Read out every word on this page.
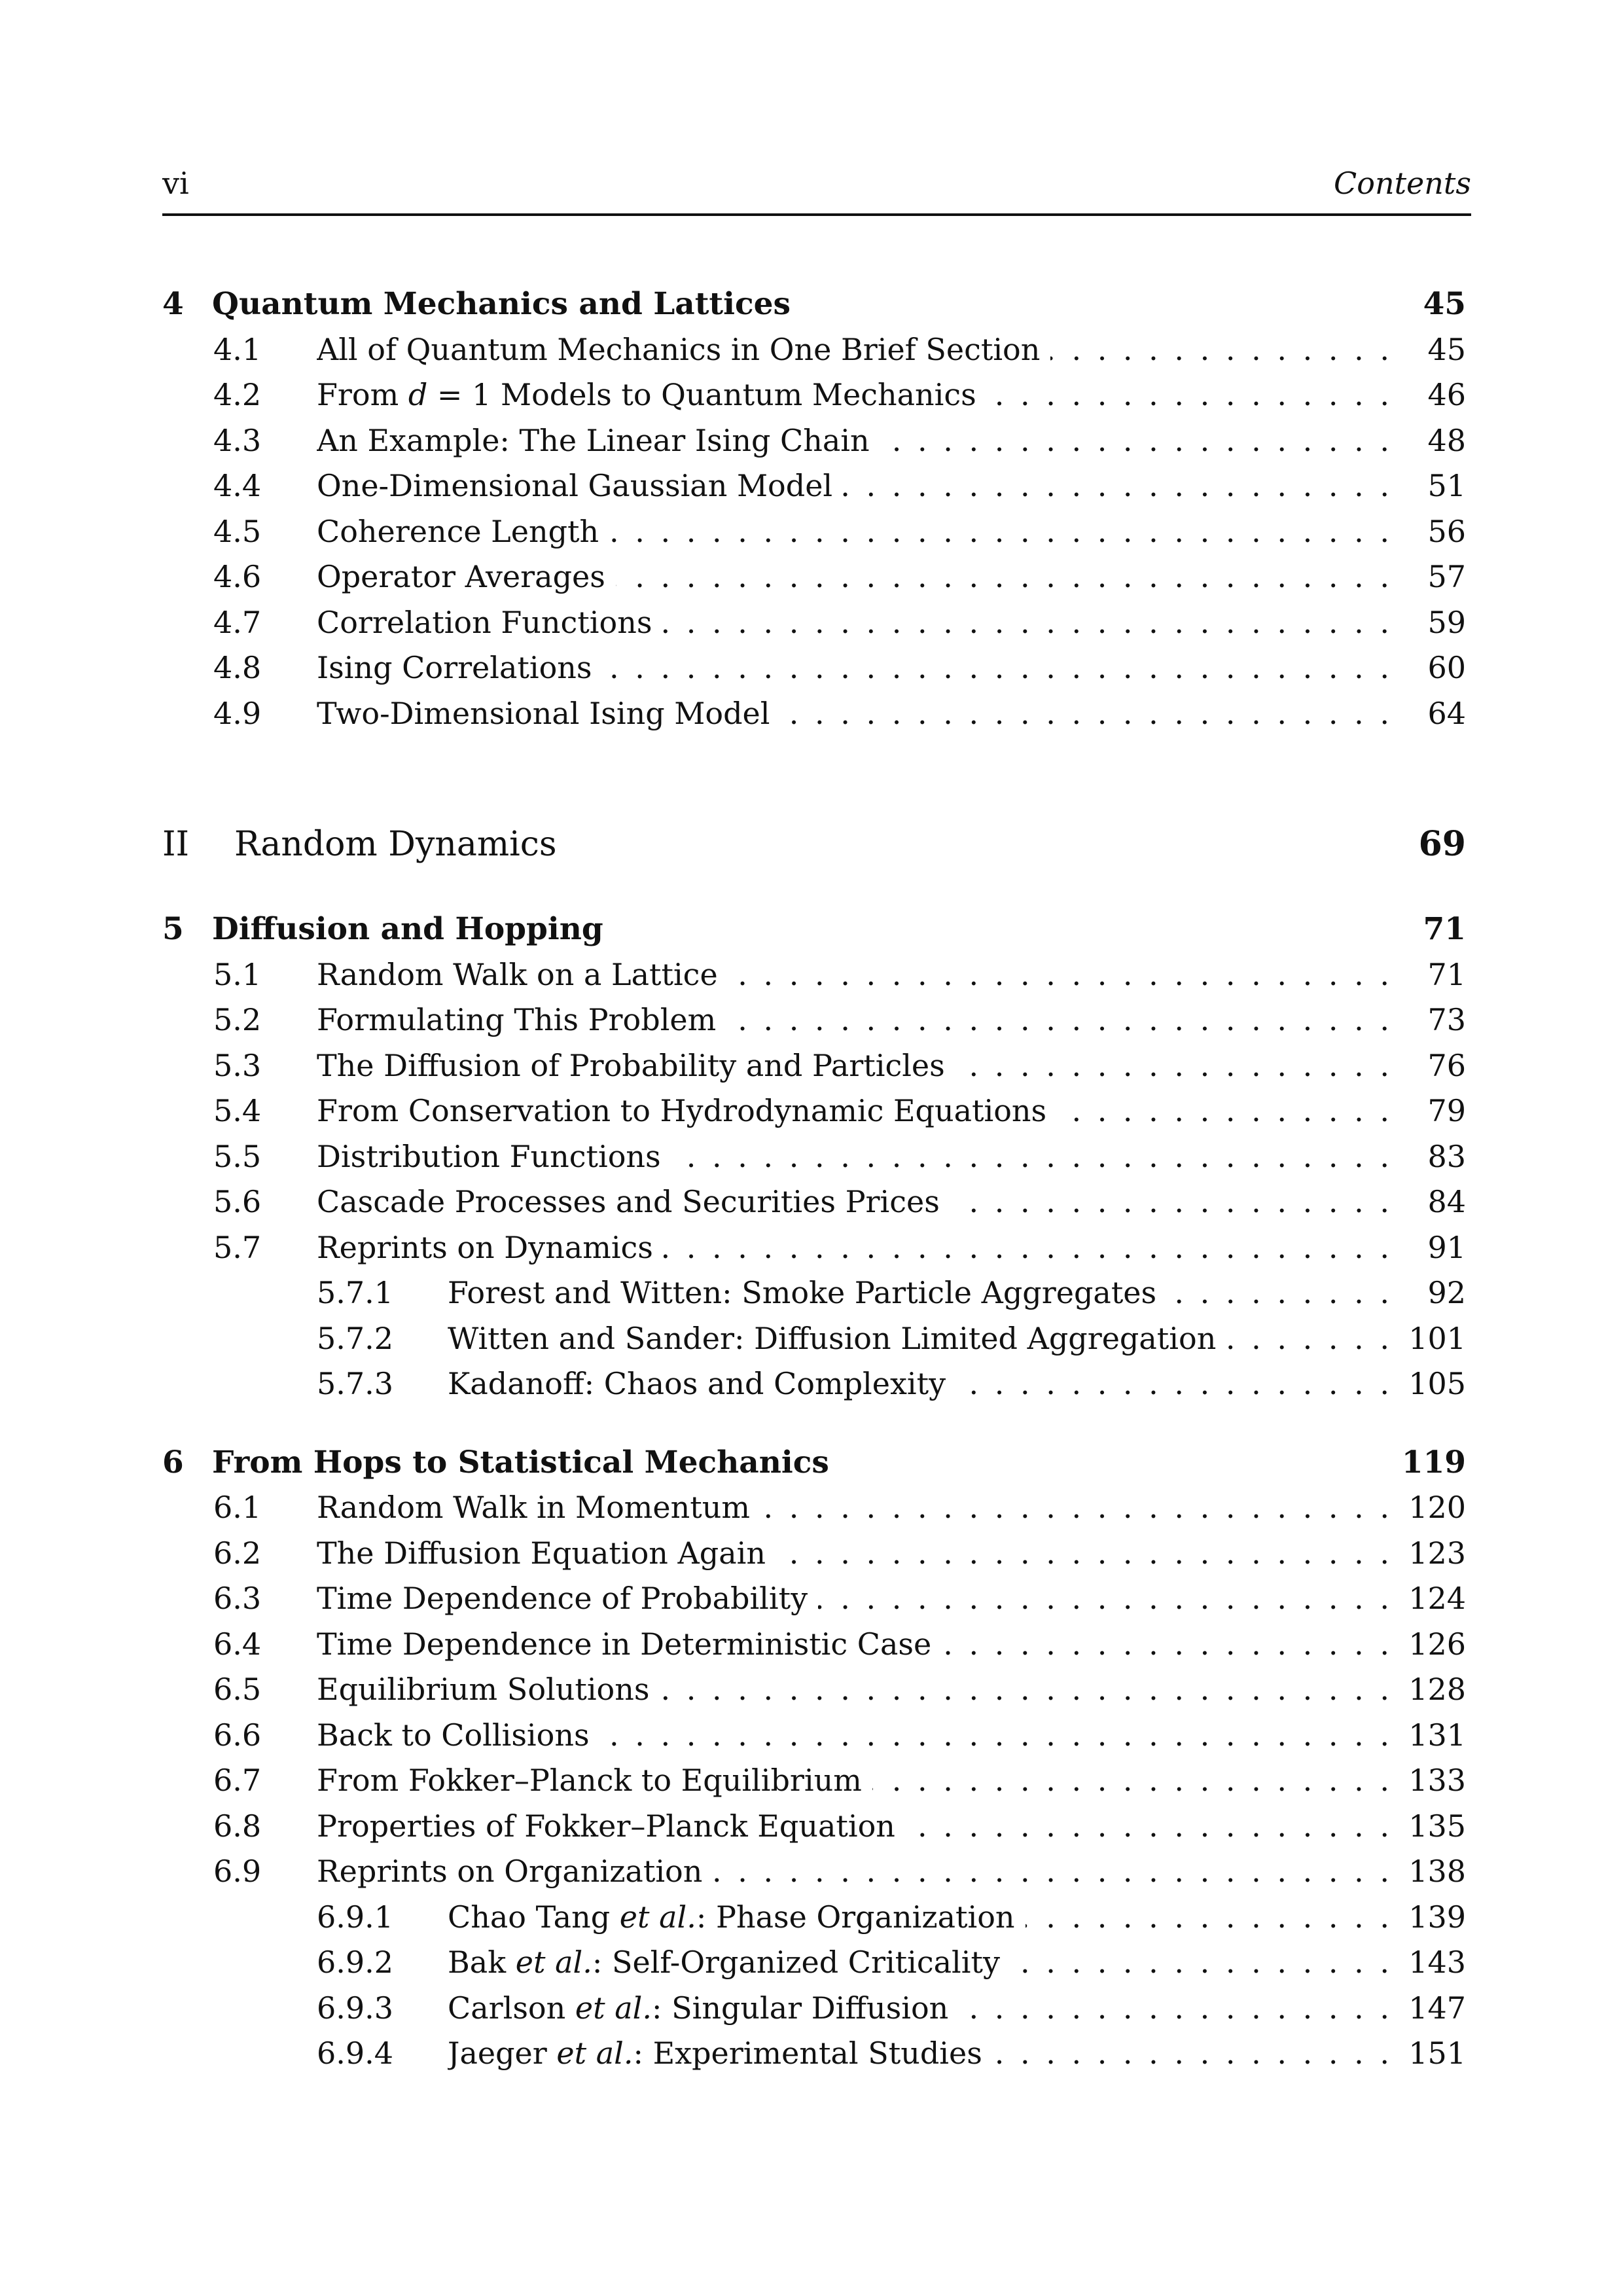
vi	Contents
4 Quantum Mechanics and Lattices	45
4.1 All of Quantum Mechanics in One Brief Section . . .	45
4.2 From d = 1 Models to Quantum Mechanics . . .	46
4.3 An Example: The Linear Ising Chain . . .	48
4.4 One-Dimensional Gaussian Model . . .	51
4.5 Coherence Length . . .	56
4.6 Operator Averages . . .	57
4.7 Correlation Functions . . .	59
4.8 Ising Correlations . . .	60
4.9 Two-Dimensional Ising Model . . .	64
II Random Dynamics	69
5 Diffusion and Hopping	71
5.1 Random Walk on a Lattice . . .	71
5.2 Formulating This Problem . . .	73
5.3 The Diffusion of Probability and Particles . . .	76
5.4 From Conservation to Hydrodynamic Equations . . .	79
5.5 Distribution Functions . . .	83
5.6 Cascade Processes and Securities Prices . . .	84
5.7 Reprints on Dynamics . . .	91
5.7.1 Forest and Witten: Smoke Particle Aggregates . . .	92
5.7.2 Witten and Sander: Diffusion Limited Aggregation . . .	101
5.7.3 Kadanoff: Chaos and Complexity . . .	105
6 From Hops to Statistical Mechanics	119
6.1 Random Walk in Momentum . . .	120
6.2 The Diffusion Equation Again . . .	123
6.3 Time Dependence of Probability . . .	124
6.4 Time Dependence in Deterministic Case . . .	126
6.5 Equilibrium Solutions . . .	128
6.6 Back to Collisions . . .	131
6.7 From Fokker–Planck to Equilibrium . . .	133
6.8 Properties of Fokker–Planck Equation . . .	135
6.9 Reprints on Organization . . .	138
6.9.1 Chao Tang et al.: Phase Organization . . .	139
6.9.2 Bak et al.: Self-Organized Criticality . . .	143
6.9.3 Carlson et al.: Singular Diffusion . . .	147
6.9.4 Jaeger et al.: Experimental Studies . . .	151
